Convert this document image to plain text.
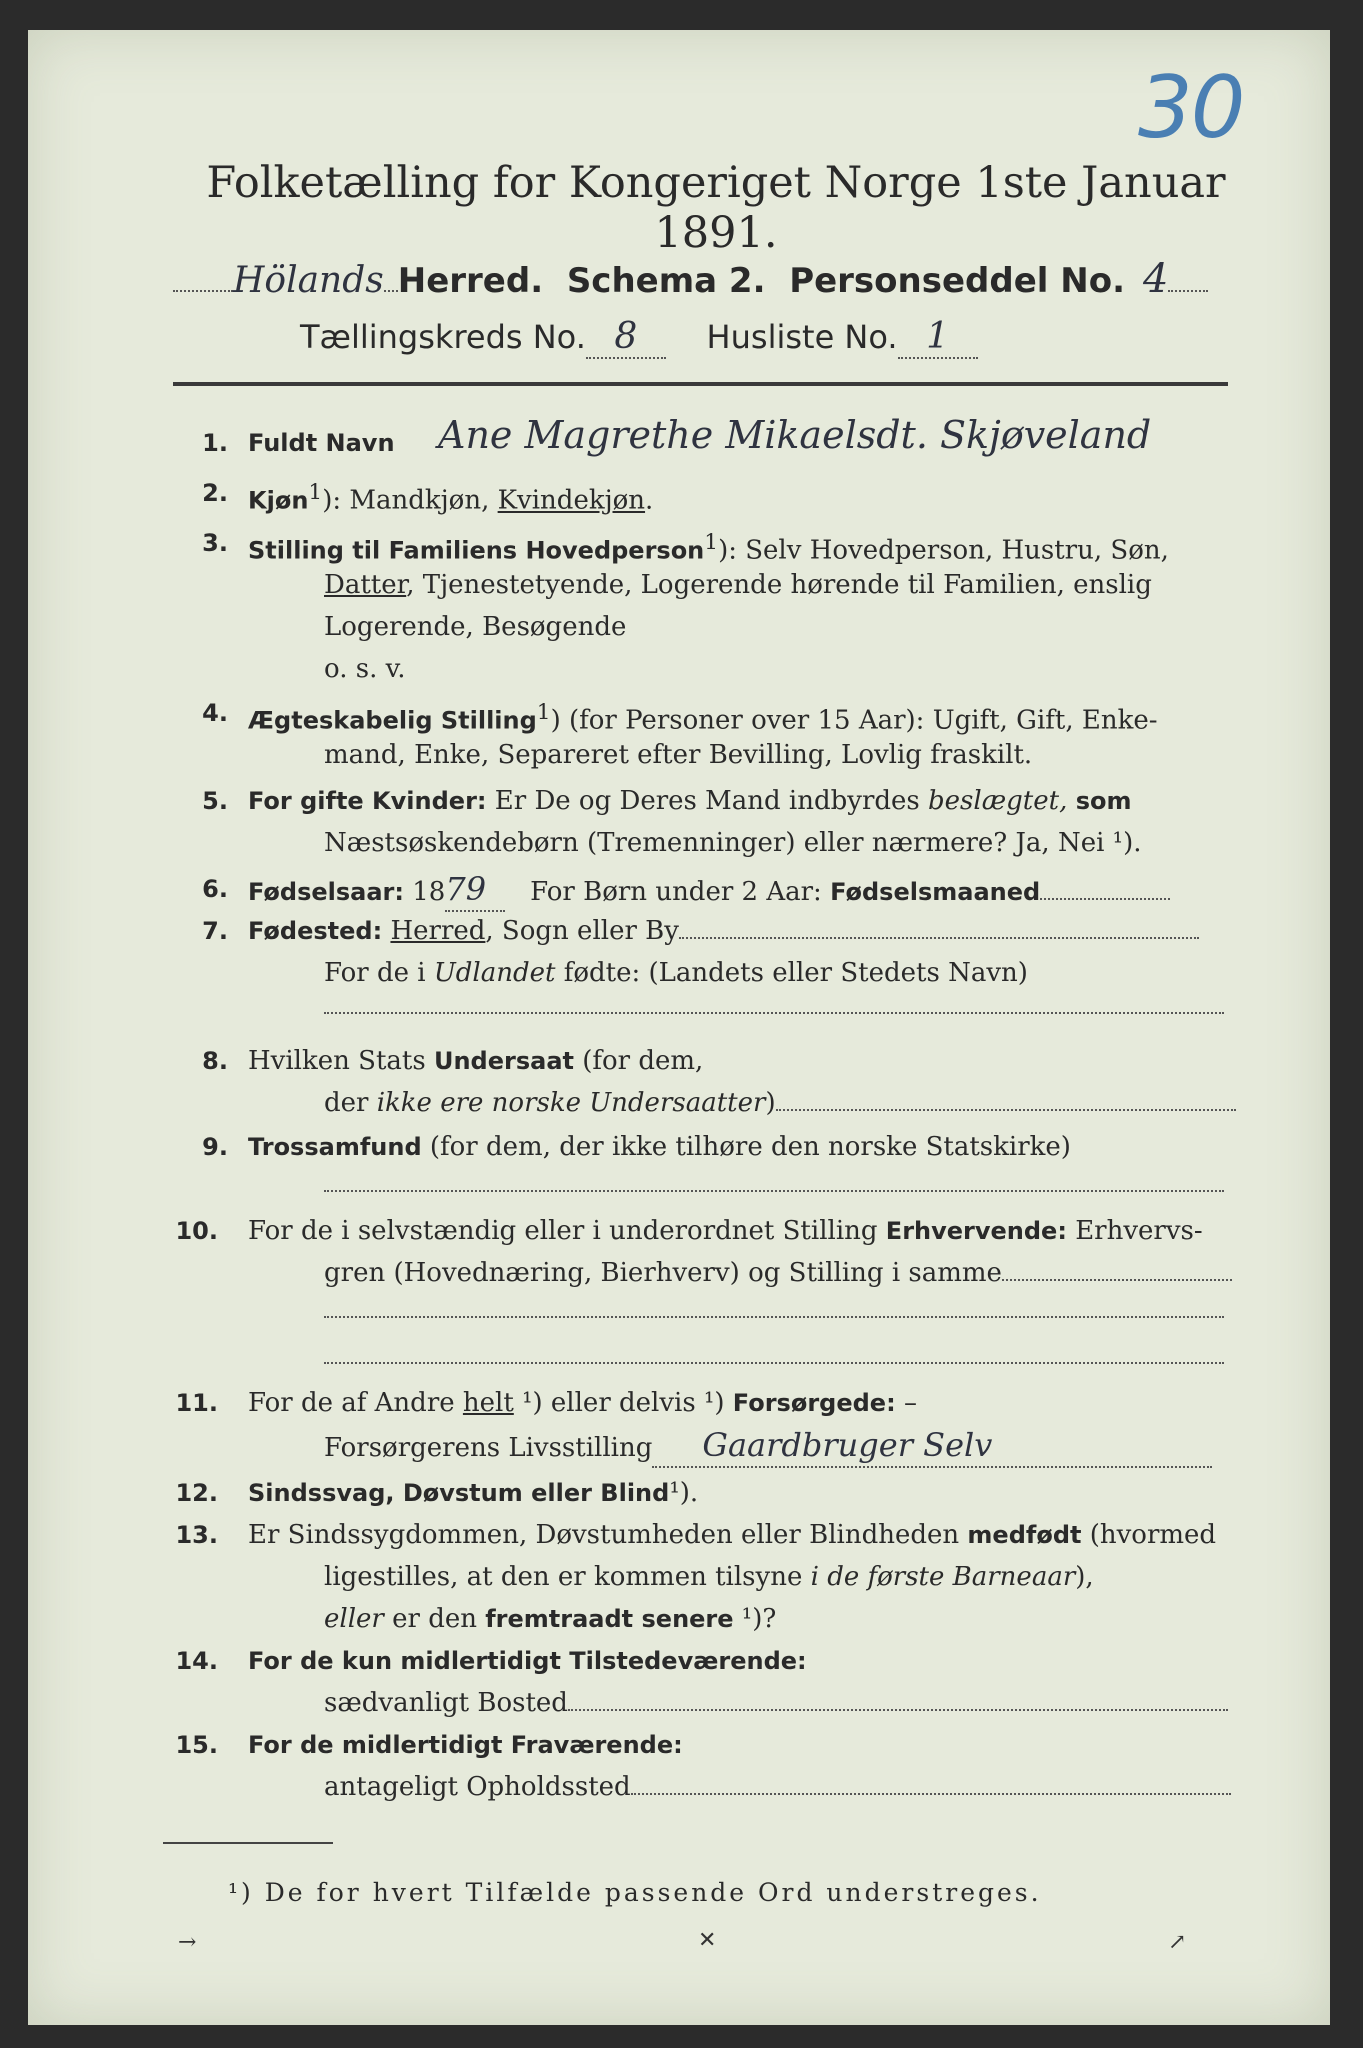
30
Folketælling for Kongeriget Norge 1ste Januar 1891.
Hölands Herred. Schema 2. Personseddel No. 4
Tællingskreds No. 8 Husliste No. 1
1. Fuldt Navn Ane Magrethe Mikaelsdt. Skjøveland
2. Kjøn$^1$): Mandkjøn, Kvindekjøn.
3. Stilling til Familiens Hovedperson$^1$): Selv Hovedperson, Hustru, Søn,
Datter, Tjenestetyende, Logerende hørende til Familien, enslig
Logerende, Besøgende
o. s. v.
4. Ægteskabelig Stilling$^1$) (for Personer over 15 Aar): Ugift, Gift, Enke-
mand, Enke, Separeret efter Bevilling, Lovlig fraskilt.
5. For gifte Kvinder: Er De og Deres Mand indbyrdes beslægtet, som
Næstsøskendebørn (Tremenninger) eller nærmere? Ja, Nei ¹).
6. Fødselsaar: 1879 For Børn under 2 Aar: Fødselsmaaned
7. Fødested: Herred, Sogn eller By
For de i Udlandet fødte: (Landets eller Stedets Navn)
8. Hvilken Stats Undersaat (for dem,
der ikke ere norske Undersaatter)
9. Trossamfund (for dem, der ikke tilhøre den norske Statskirke)
10. For de i selvstændig eller i underordnet Stilling Erhvervende: Erhvervs-
gren (Hovednæring, Bierhverv) og Stilling i samme
11. For de af Andre helt ¹) eller delvis ¹) Forsørgede: –
Forsørgerens Livsstilling Gaardbruger Selv
12. Sindssvag, Døvstum eller Blind¹).
13. Er Sindssygdommen, Døvstumheden eller Blindheden medfødt (hvormed
ligestilles, at den er kommen tilsyne i de første Barneaar),
eller er den fremtraadt senere ¹)?
14. For de kun midlertidigt Tilstedeværende:
sædvanligt Bosted
15. For de midlertidigt Fraværende:
antageligt Opholdssted
¹) De for hvert Tilfælde passende Ord understreges.
→	✕	↗
